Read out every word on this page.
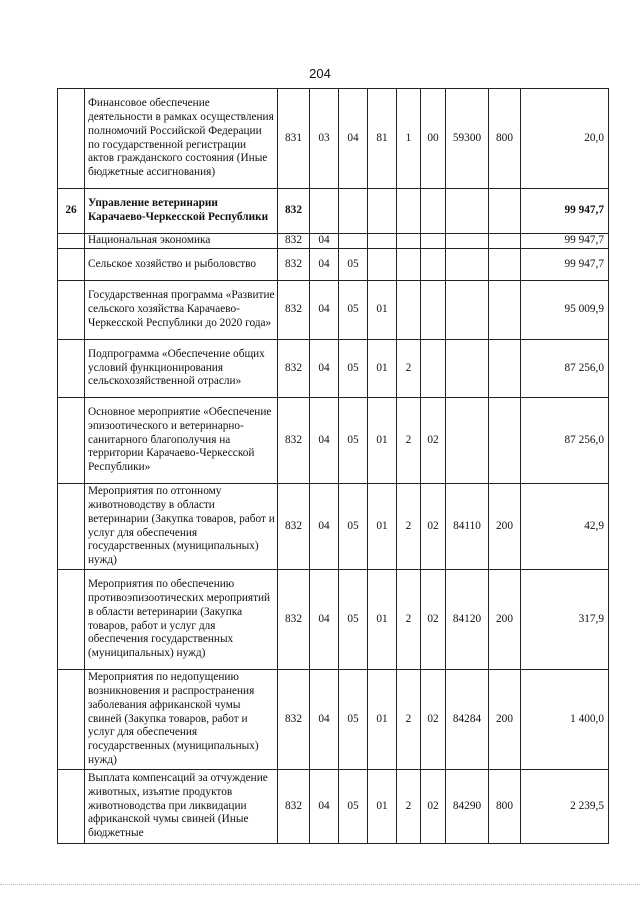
204
	Финансовое обеспечение деятельности в рамках осуществления полномочий Российской Федерации по государственной регистрации актов гражданского состояния (Иные бюджетные ассигнования)	831	03	04	81	1	00	59300	800	20,0
26	Управление ветеринарии Карачаево-Черкесской Республики	832								99 947,7
	Национальная экономика	832	04							99 947,7
	Сельское хозяйство и рыболовство	832	04	05						99 947,7
	Государственная программа «Развитие сельского хозяйства Карачаево-Черкесской Республики до 2020 года»	832	04	05	01					95 009,9
	Подпрограмма «Обеспечение общих условий функционирования сельскохозяйственной отрасли»	832	04	05	01	2				87 256,0
	Основное мероприятие «Обеспечение эпизоотического и ветеринарно-санитарного благополучия на территории Карачаево-Черкесской Республики»	832	04	05	01	2	02			87 256,0
	Мероприятия по отгонному животноводству в области ветеринарии (Закупка товаров, работ и услуг для обеспечения государственных (муниципальных) нужд)	832	04	05	01	2	02	84110	200	42,9
	Мероприятия по обеспечению противоэпизоотических мероприятий в области ветеринарии (Закупка товаров, работ и услуг для обеспечения государственных (муниципальных) нужд)	832	04	05	01	2	02	84120	200	317,9
	Мероприятия по недопущению возникновения и распространения заболевания африканской чумы свиней (Закупка товаров, работ и услуг для обеспечения государственных (муниципальных) нужд)	832	04	05	01	2	02	84284	200	1 400,0
	Выплата компенсаций за отчуждение животных, изъятие продуктов животноводства при ликвидации африканской чумы свиней (Иные бюджетные	832	04	05	01	2	02	84290	800	2 239,5
